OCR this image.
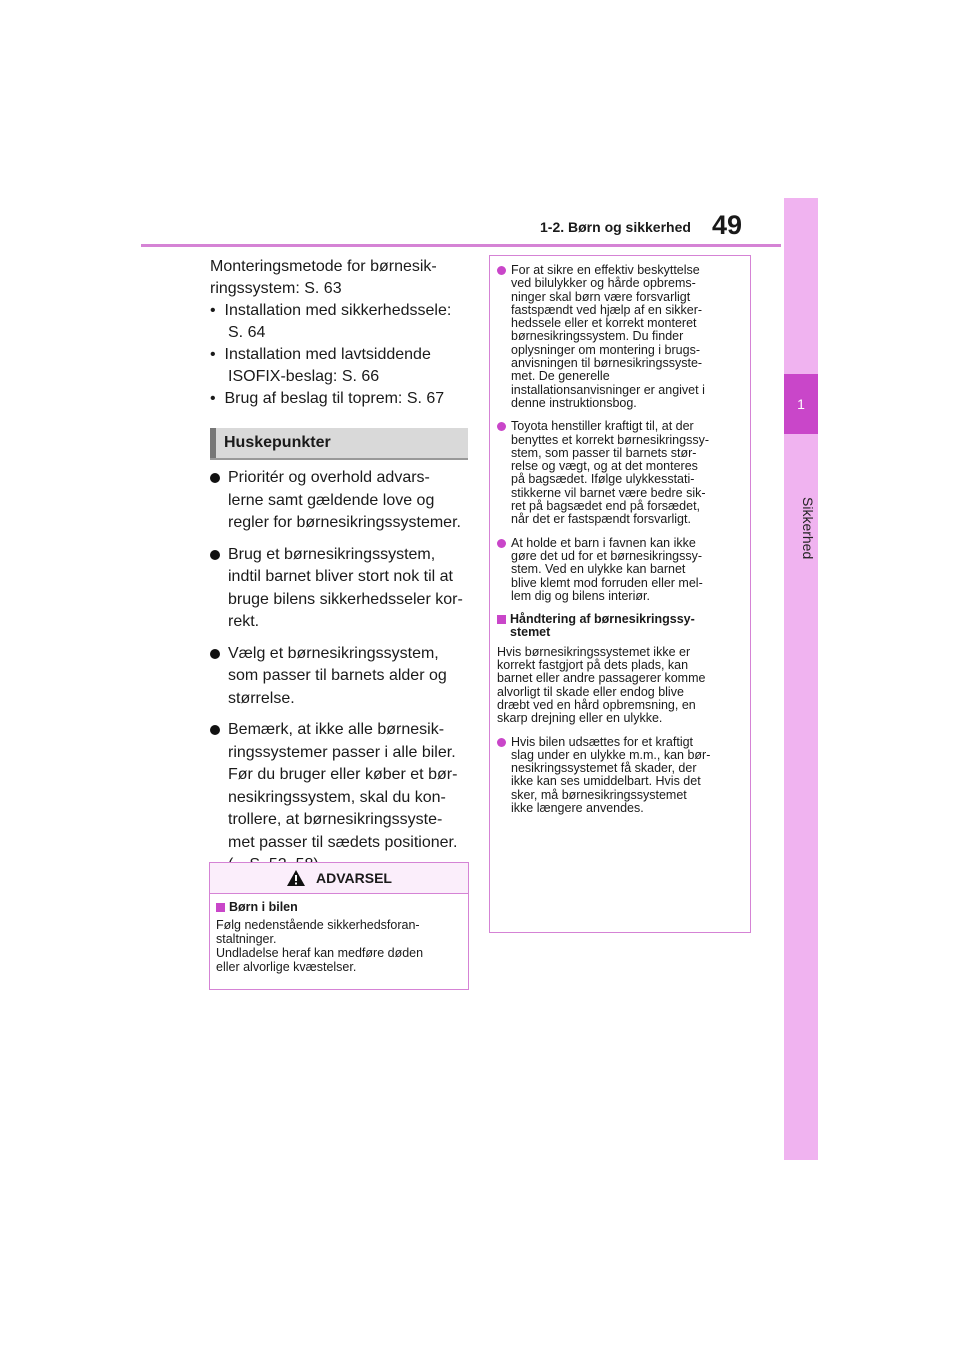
1
Sikkerhed
49
1-2. Børn og sikkerhed

Monteringsmetode for børnesik-

ringssystem: S. 63

• Installation med sikkerhedssele:
S. 64
• Installation med lavtsiddende
ISOFIX-beslag: S. 66
• Brug af beslag til toprem: S. 67
Huskepunkter
Prioritér og overhold advars-
lerne samt gældende love og
regler for børnesikringssystemer.
Brug et børnesikringssystem,
indtil barnet bliver stort nok til at
bruge bilens sikkerhedsseler kor-
rekt.
Vælg et børnesikringssystem,
som passer til barnets alder og
størrelse.
Bemærk, at ikke alle børnesik-
ringssystemer passer i alle biler.
Før du bruger eller køber et bør-
nesikringssystem, skal du kon-
trollere, at børnesikringssyste-
met passer til sædets positioner.
ADVARSEL
Børn i bilen
Følg nedenstående sikkerhedsforan-
staltninger.
Undladelse heraf kan medføre døden
eller alvorlige kvæstelser.
For at sikre en effektiv beskyttelse
ved bilulykker og hårde opbrems-
ninger skal børn være forsvarligt
fastspændt ved hjælp af en sikker-
hedssele eller et korrekt monteret
børnesikringssystem. Du finder
oplysninger om montering i brugs-
anvisningen til børnesikringssyste-
met. De generelle
installationsanvisninger er angivet i
denne instruktionsbog.
Toyota henstiller kraftigt til, at der
benyttes et korrekt børnesikringssy-
stem, som passer til barnets stør-
relse og vægt, og at det monteres
på bagsædet. Ifølge ulykkesstati-
stikkerne vil barnet være bedre sik-
ret på bagsædet end på forsædet,
når det er fastspændt forsvarligt.
At holde et barn i favnen kan ikke
gøre det ud for et børnesikringssy-
stem. Ved en ulykke kan barnet
blive klemt mod forruden eller mel-
lem dig og bilens interiør.
Håndtering af børnesikringssy-
stemet
Hvis børnesikringssystemet ikke er
korrekt fastgjort på dets plads, kan
barnet eller andre passagerer komme
alvorligt til skade eller endog blive
dræbt ved en hård opbremsning, en
skarp drejning eller en ulykke.
Hvis bilen udsættes for et kraftigt
slag under en ulykke m.m., kan bør-
nesikringssystemet få skader, der
ikke kan ses umiddelbart. Hvis det
sker, må børnesikringssystemet
ikke længere anvendes.
